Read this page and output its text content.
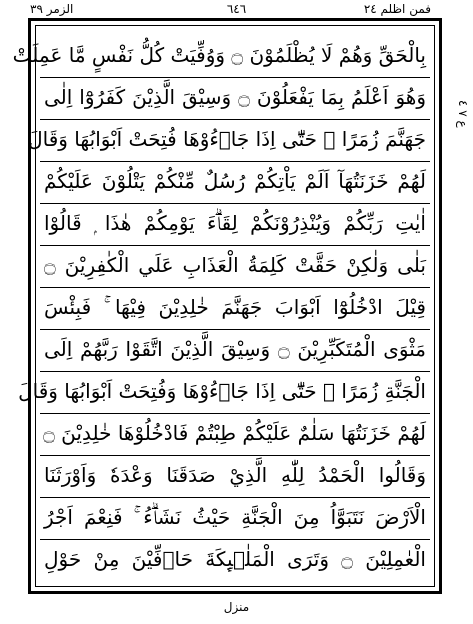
الزمر ٣٩	٦٤٦	فمن اظلم ٢٤
بِالْحَقِّ وَهُمْ لَا يُظْلَمُوْنَ ۝ وَوُفِّيَتْ كُلُّ نَفْسٍ مَّا عَمِلَتْ
وَهُوَ اَعْلَمُ بِمَا يَفْعَلُوْنَ ۝ وَسِيْقَ الَّذِيْنَ كَفَرُوْٓا اِلٰى
جَهَنَّمَ زُمَرًا ۭ حَتّٰٓى اِذَا جَاۗءُوْهَا فُتِحَتْ اَبْوَابُهَا وَقَالَ
لَهُمْ خَزَنَتُهَآ اَلَمْ يَاْتِكُمْ رُسُلٌ مِّنْكُمْ يَتْلُوْنَ عَلَيْكُمْ
اٰيٰتِ رَبِّكُمْ وَيُنْذِرُوْنَكُمْ لِقَاۗءَ يَوْمِكُمْ هٰذَا ۭ قَالُوْا
بَلٰى وَلٰكِنْ حَقَّتْ كَلِمَةُ الْعَذَابِ عَلَي الْكٰفِرِيْنَ ۝
قِيْلَ ادْخُلُوْٓا اَبْوَابَ جَهَنَّمَ خٰلِدِيْنَ فِيْهَا ۚ فَبِئْسَ
مَثْوَى الْمُتَكَبِّرِيْنَ ۝ وَسِيْقَ الَّذِيْنَ اتَّقَوْا رَبَّهُمْ اِلَى
الْجَنَّةِ زُمَرًا ۭ حَتّٰٓى اِذَا جَاۗءُوْهَا وَفُتِحَتْ اَبْوَابُهَا وَقَالَ
لَهُمْ خَزَنَتُهَا سَلٰمٌ عَلَيْكُمْ طِبْتُمْ فَادْخُلُوْهَا خٰلِدِيْنَ ۝
وَقَالُوا الْحَمْدُ لِلّٰهِ الَّذِيْ صَدَقَنَا وَعْدَهٗ وَاَوْرَثَنَا
الْاَرْضَ نَتَبَوَّاُ مِنَ الْجَنَّةِ حَيْثُ نَشَاۗءُ ۚ فَنِعْمَ اَجْرُ
الْعٰمِلِيْنَ ۝ وَتَرَى الْمَلٰۗىِٕكَةَ حَاۗفِّيْنَ مِنْ حَوْلِ
ع ٧ ٤
منزل
